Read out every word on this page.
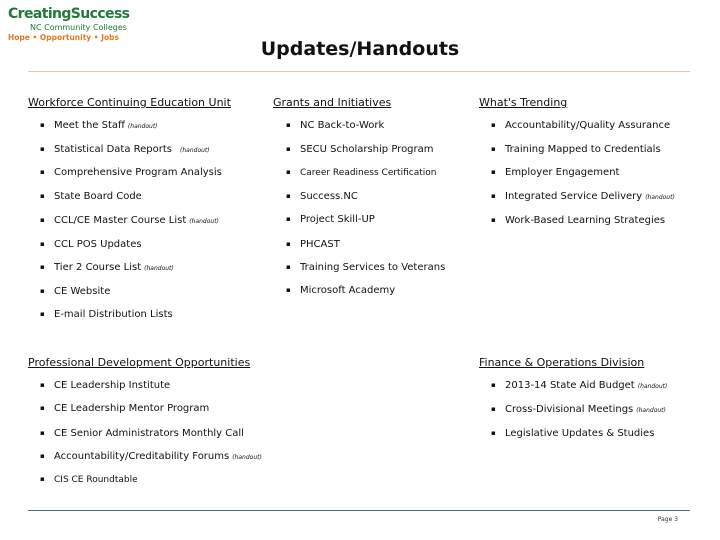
CreatingSuccess
NC Community Colleges
Hope • Opportunity • Jobs
Updates/Handouts
Workforce Continuing Education Unit
▪ Meet the Staff (handout)
▪ Statistical Data Reports (handout)
▪ Comprehensive Program Analysis
▪ State Board Code
▪ CCL/CE Master Course List (handout)
▪ CCL POS Updates
▪ Tier 2 Course List (handout)
▪ CE Website
▪ E-mail Distribution Lists
Grants and Initiatives
▪ NC Back-to-Work
▪ SECU Scholarship Program
▪ Career Readiness Certification
▪ Success.NC
▪ Project Skill-UP
▪ PHCAST
▪ Training Services to Veterans
▪ Microsoft Academy
What's Trending
▪ Accountability/Quality Assurance
▪ Training Mapped to Credentials
▪ Employer Engagement
▪ Integrated Service Delivery (handout)
▪ Work-Based Learning Strategies
Professional Development Opportunities
▪ CE Leadership Institute
▪ CE Leadership Mentor Program
▪ CE Senior Administrators Monthly Call
▪ Accountability/Creditability Forums (handout)
▪ CIS CE Roundtable
Finance & Operations Division
▪ 2013-14 State Aid Budget (handout)
▪ Cross-Divisional Meetings (handout)
▪ Legislative Updates & Studies
Page 3
